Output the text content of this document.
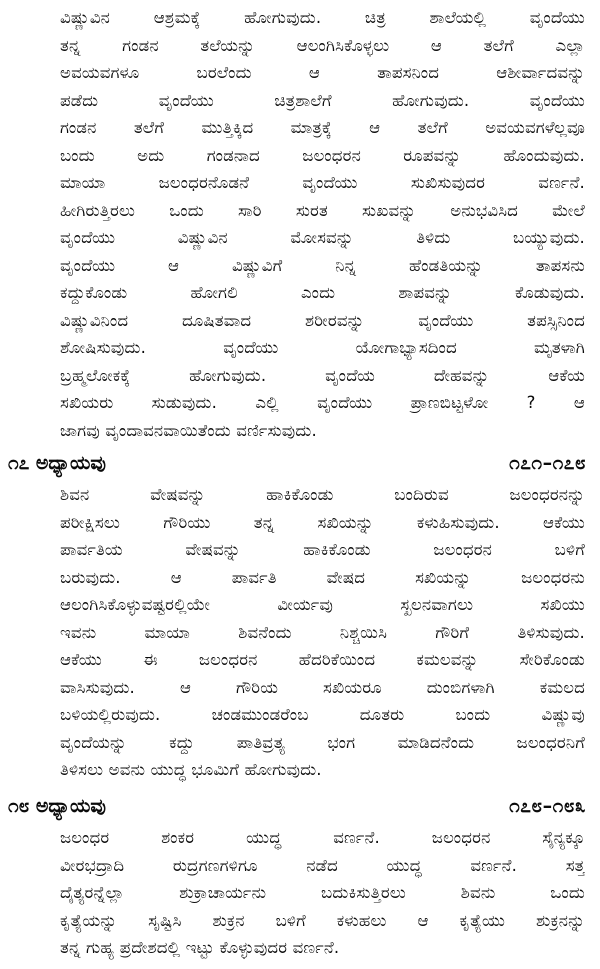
ವಿಷ್ಣುವಿನ ಆಶ್ರಮಕ್ಕೆ ಹೋಗುವುದು. ಚಿತ್ರ ಶಾಲೆಯಲ್ಲಿ ವೃಂದೆಯು
ತನ್ನ ಗಂಡನ ತಲೆಯನ್ನು ಆಲಂಗಿಸಿಕೊಳ್ಳಲು ಆ ತಲೆಗೆ ಎಲ್ಲಾ
ಅವಯವಗಳೂ ಬರಲೆಂದು ಆ ತಾಪಸನಿಂದ ಆಶೀರ್ವಾದವನ್ನು
ಪಡೆದು ವೃಂದೆಯು ಚಿತ್ರಶಾಲೆಗೆ ಹೋಗುವುದು. ವೃಂದೆಯು
ಗಂಡನ ತಲೆಗೆ ಮುತ್ತಿಕ್ಕಿದ ಮಾತ್ರಕ್ಕೆ ಆ ತಲೆಗೆ ಅವಯವಗಳೆಲ್ಲವೂ
ಬಂದು ಅದು ಗಂಡನಾದ ಜಲಂಧರನ ರೂಪವನ್ನು ಹೊಂದುವುದು.
ಮಾಯಾ ಜಲಂಧರನೊಡನೆ ವೃಂದೆಯು ಸುಖಿಸುವುದರ ವರ್ಣನೆ.
ಹೀಗಿರುತ್ತಿರಲು ಒಂದು ಸಾರಿ ಸುರತ ಸುಖವನ್ನು ಅನುಭವಿಸಿದ ಮೇಲೆ
ವೃಂದೆಯು ವಿಷ್ಣುವಿನ ಮೋಸವನ್ನು ತಿಳಿದು ಬಯ್ಯುವುದು.
ವೃಂದೆಯು ಆ ವಿಷ್ಣುವಿಗೆ ನಿನ್ನ ಹೆಂಡತಿಯನ್ನು ತಾಪಸನು
ಕದ್ದುಕೊಂಡು ಹೋಗಲಿ ಎಂದು ಶಾಪವನ್ನು ಕೊಡುವುದು.
ವಿಷ್ಣುವಿನಿಂದ ದೂಷಿತವಾದ ಶರೀರವನ್ನು ವೃಂದೆಯು ತಪಸ್ಸಿನಿಂದ
ಶೋಷಿಸುವುದು. ವೃಂದೆಯು ಯೋಗಾಭ್ಯಾಸದಿಂದ ಮೃತಳಾಗಿ
ಬ್ರಹ್ಮಲೋಕಕ್ಕೆ ಹೋಗುವುದು. ವೃಂದೆಯ ದೇಹವನ್ನು ಆಕೆಯ
ಸಖಿಯರು ಸುಡುವುದು. ಎಲ್ಲಿ ವೃಂದೆಯು ಪ್ರಾಣಬಿಟ್ಟಳೋ ? ಆ
ಜಾಗವು ವೃಂದಾವನವಾಯಿತೆಂದು ವರ್ಣಿಸುವುದು.
೧೭ ಅಧ್ಯಾಯವು	೧೭೧–೧೭೮
ಶಿವನ ವೇಷವನ್ನು ಹಾಕಿಕೊಂಡು ಬಂದಿರುವ ಜಲಂಧರನನ್ನು
ಪರೀಕ್ಷಿಸಲು ಗೌರಿಯು ತನ್ನ ಸಖಿಯನ್ನು ಕಳುಹಿಸುವುದು. ಆಕೆಯು
ಪಾರ್ವತಿಯ ವೇಷವನ್ನು ಹಾಕಿಕೊಂಡು ಜಲಂಧರನ ಬಳಿಗೆ
ಬರುವುದು. ಆ ಪಾರ್ವತಿ ವೇಷದ ಸಖಿಯನ್ನು ಜಲಂಧರನು
ಆಲಂಗಿಸಿಕೊಳ್ಳುವಷ್ಟರಲ್ಲಿಯೇ ವೀರ್ಯವು ಸ್ಖಲನವಾಗಲು ಸಖಿಯು
ಇವನು ಮಾಯಾ ಶಿವನೆಂದು ನಿಶ್ಚಯಿಸಿ ಗೌರಿಗೆ ತಿಳಿಸುವುದು.
ಆಕೆಯು ಈ ಜಲಂಧರನ ಹೆದರಿಕೆಯಿಂದ ಕಮಲವನ್ನು ಸೇರಿಕೊಂಡು
ವಾಸಿಸುವುದು. ಆ ಗೌರಿಯ ಸಖಿಯರೂ ದುಂಬಿಗಳಾಗಿ ಕಮಲದ
ಬಳಿಯಲ್ಲಿರುವುದು. ಚಂಡಮುಂಡರೆಂಬ ದೂತರು ಬಂದು ವಿಷ್ಣುವು
ವೃಂದೆಯನ್ನು ಕದ್ದು ಪಾತಿವ್ರತ್ಯ ಭಂಗ ಮಾಡಿದನೆಂದು ಜಲಂಧರನಿಗೆ
ತಿಳಿಸಲು ಅವನು ಯುದ್ಧ ಭೂಮಿಗೆ ಹೋಗುವುದು.
೧೮ ಅಧ್ಯಾಯವು	೧೭೮–೧೮೩
ಜಲಂಧರ ಶಂಕರ ಯುದ್ಧ ವರ್ಣನೆ. ಜಲಂಧರನ ಸೈನ್ಯಕ್ಕೂ
ವೀರಭದ್ರಾದಿ ರುದ್ರಗಣಗಳಿಗೂ ನಡೆದ ಯುದ್ಧ ವರ್ಣನೆ. ಸತ್ತ
ದೈತ್ಯರನ್ನೆಲ್ಲಾ ಶುಕ್ರಾಚಾರ್ಯನು ಬದುಕಿಸುತ್ತಿರಲು ಶಿವನು ಒಂದು
ಕೃತ್ಯೆಯನ್ನು ಸೃಷ್ಟಿಸಿ ಶುಕ್ರನ ಬಳಿಗೆ ಕಳುಹಲು ಆ ಕೃತ್ಯೆಯು ಶುಕ್ರನನ್ನು
ತನ್ನ ಗುಹ್ಯ ಪ್ರದೇಶದಲ್ಲಿ ಇಟ್ಟು ಕೊಳ್ಳುವುದರ ವರ್ಣನೆ.
